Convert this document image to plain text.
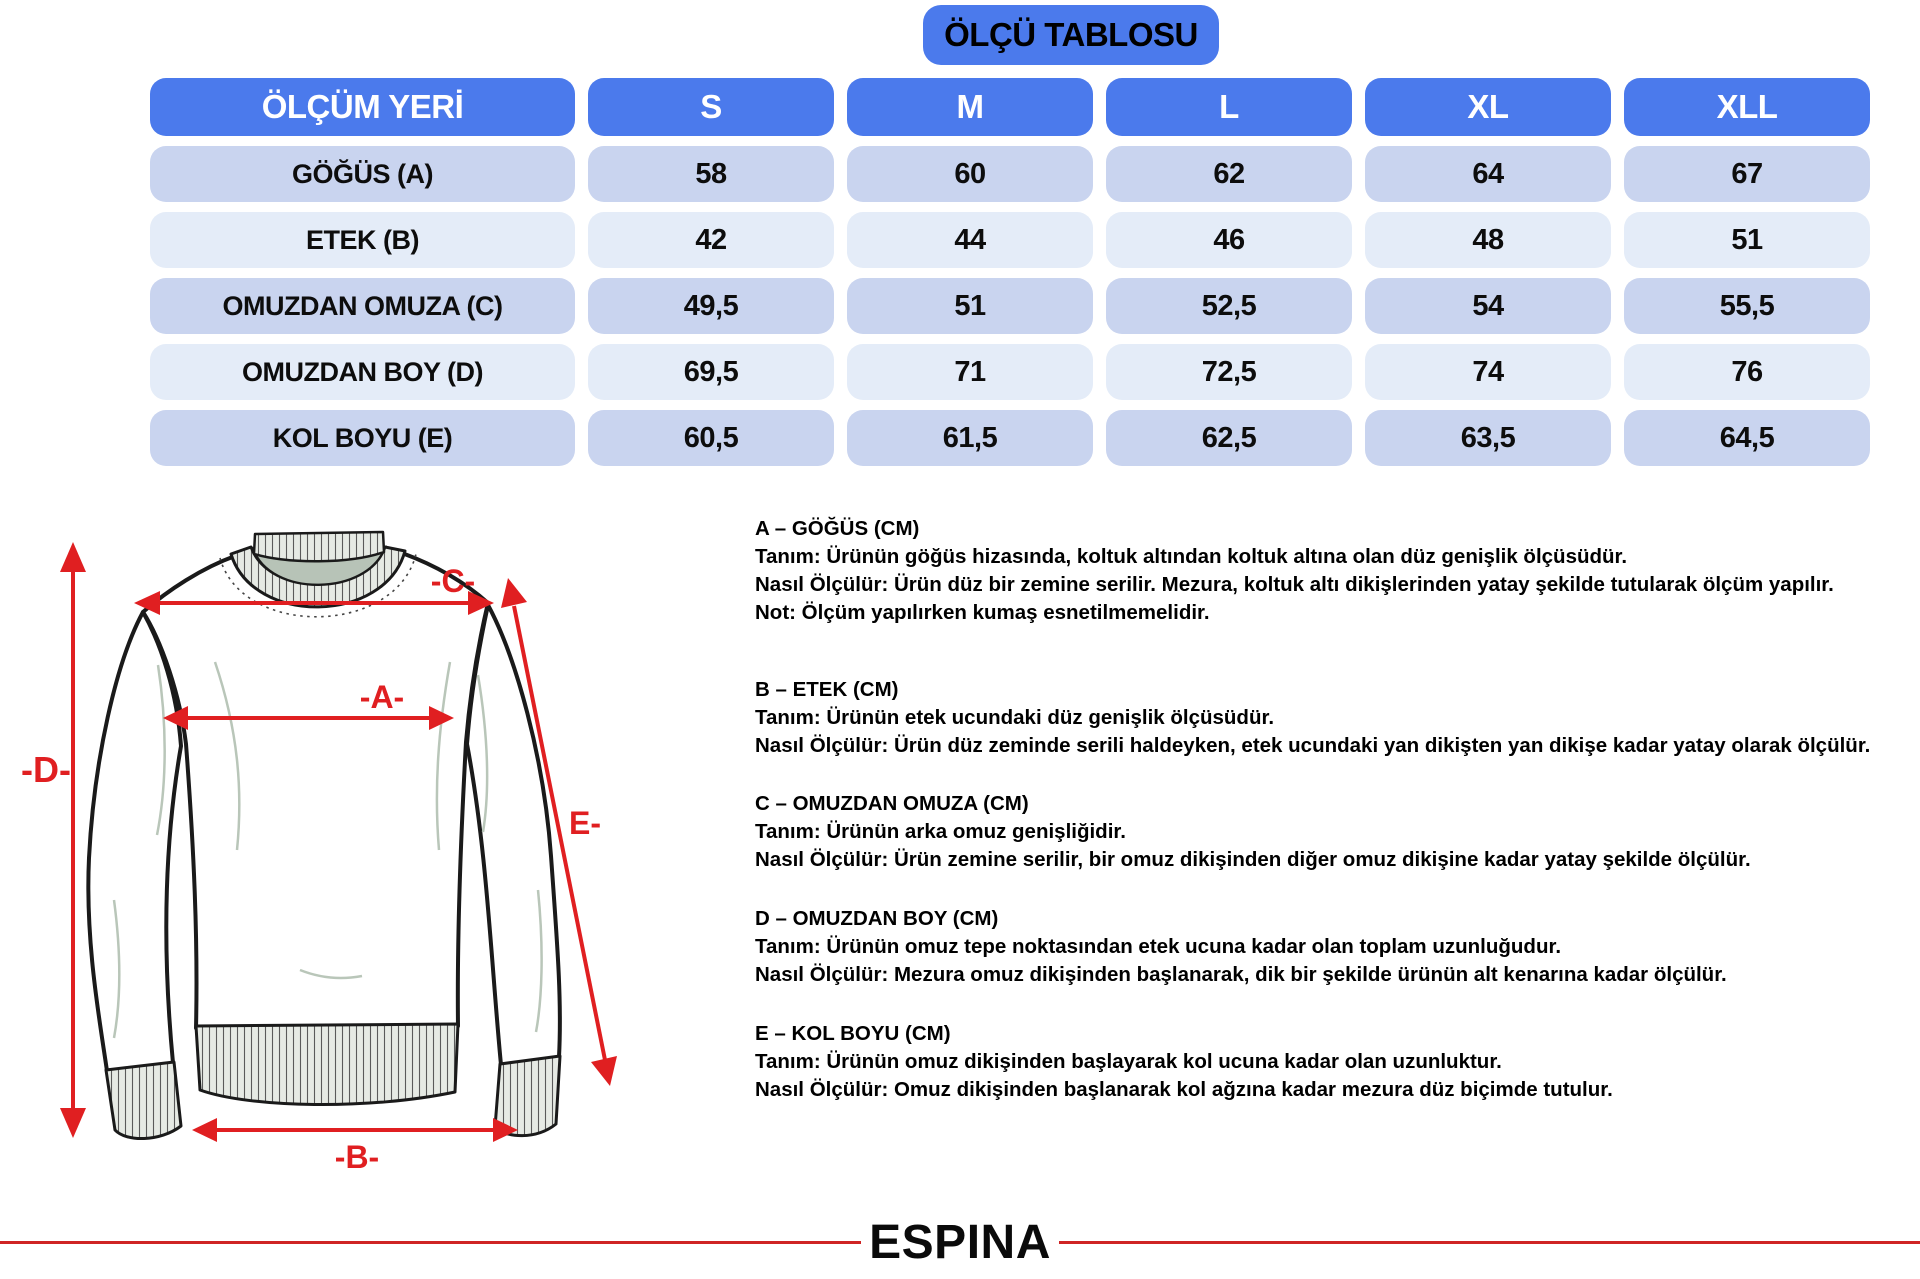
ÖLÇÜ TABLOSU
ÖLÇÜM YERİ	S	M	L	XL	XLL
GÖĞÜS (A)	58	60	62	64	67
ETEK (B)	42	44	46	48	51
OMUZDAN OMUZA (C)	49,5	51	52,5	54	55,5
OMUZDAN BOY (D)	69,5	71	72,5	74	76
KOL BOYU (E)	60,5	61,5	62,5	63,5	64,5
-D-
-C-
-A-
-B-
E-
A – GÖĞÜS (CM)
Tanım: Ürünün göğüs hizasında, koltuk altından koltuk altına olan düz genişlik ölçüsüdür.
Nasıl Ölçülür: Ürün düz bir zemine serilir. Mezura, koltuk altı dikişlerinden yatay şekilde tutularak ölçüm yapılır.
Not: Ölçüm yapılırken kumaş esnetilmemelidir.
B – ETEK (CM)
Tanım: Ürünün etek ucundaki düz genişlik ölçüsüdür.
Nasıl Ölçülür: Ürün düz zeminde serili haldeyken, etek ucundaki yan dikişten yan dikişe kadar yatay olarak ölçülür.
C – OMUZDAN OMUZA (CM)
Tanım: Ürünün arka omuz genişliğidir.
Nasıl Ölçülür: Ürün zemine serilir, bir omuz dikişinden diğer omuz dikişine kadar yatay şekilde ölçülür.
D – OMUZDAN BOY (CM)
Tanım: Ürünün omuz tepe noktasından etek ucuna kadar olan toplam uzunluğudur.
Nasıl Ölçülür: Mezura omuz dikişinden başlanarak, dik bir şekilde ürünün alt kenarına kadar ölçülür.
E – KOL BOYU (CM)
Tanım: Ürünün omuz dikişinden başlayarak kol ucuna kadar olan uzunluktur.
Nasıl Ölçülür: Omuz dikişinden başlanarak kol ağzına kadar mezura düz biçimde tutulur.
ESPINA
